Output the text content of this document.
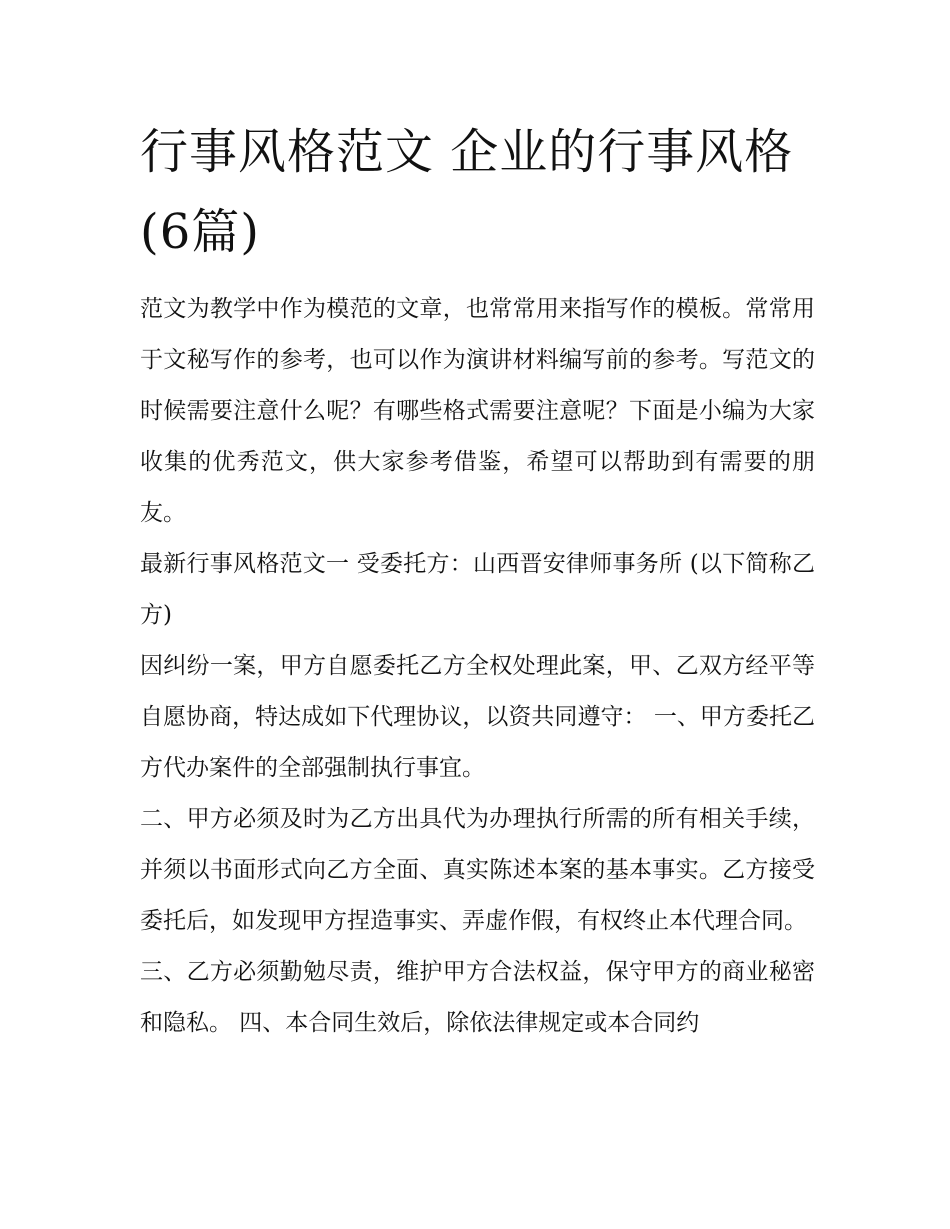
行事风格范文 企业的行事风格(6篇)

范文为教学中作为模范的文章，也常常用来指写作的模板。常常用于文秘写作的参考，也可以作为演讲材料编写前的参考。写范文的时候需要注意什么呢？有哪些格式需要注意呢？下面是小编为大家收集的优秀范文，供大家参考借鉴，希望可以帮助到有需要的朋友。

最新行事风格范文一 受委托方：山西晋安律师事务所 (以下简称乙方)

因纠纷一案，甲方自愿委托乙方全权处理此案，甲、乙双方经平等自愿协商，特达成如下代理协议，以资共同遵守： 一、甲方委托乙方代办案件的全部强制执行事宜。

二、甲方必须及时为乙方出具代为办理执行所需的所有相关手续，并须以书面形式向乙方全面、真实陈述本案的基本事实。乙方接受委托后，如发现甲方捏造事实、弄虚作假，有权终止本代理合同。

三、乙方必须勤勉尽责，维护甲方合法权益，保守甲方的商业秘密和隐私。 四、本合同生效后，除依法律规定或本合同约
